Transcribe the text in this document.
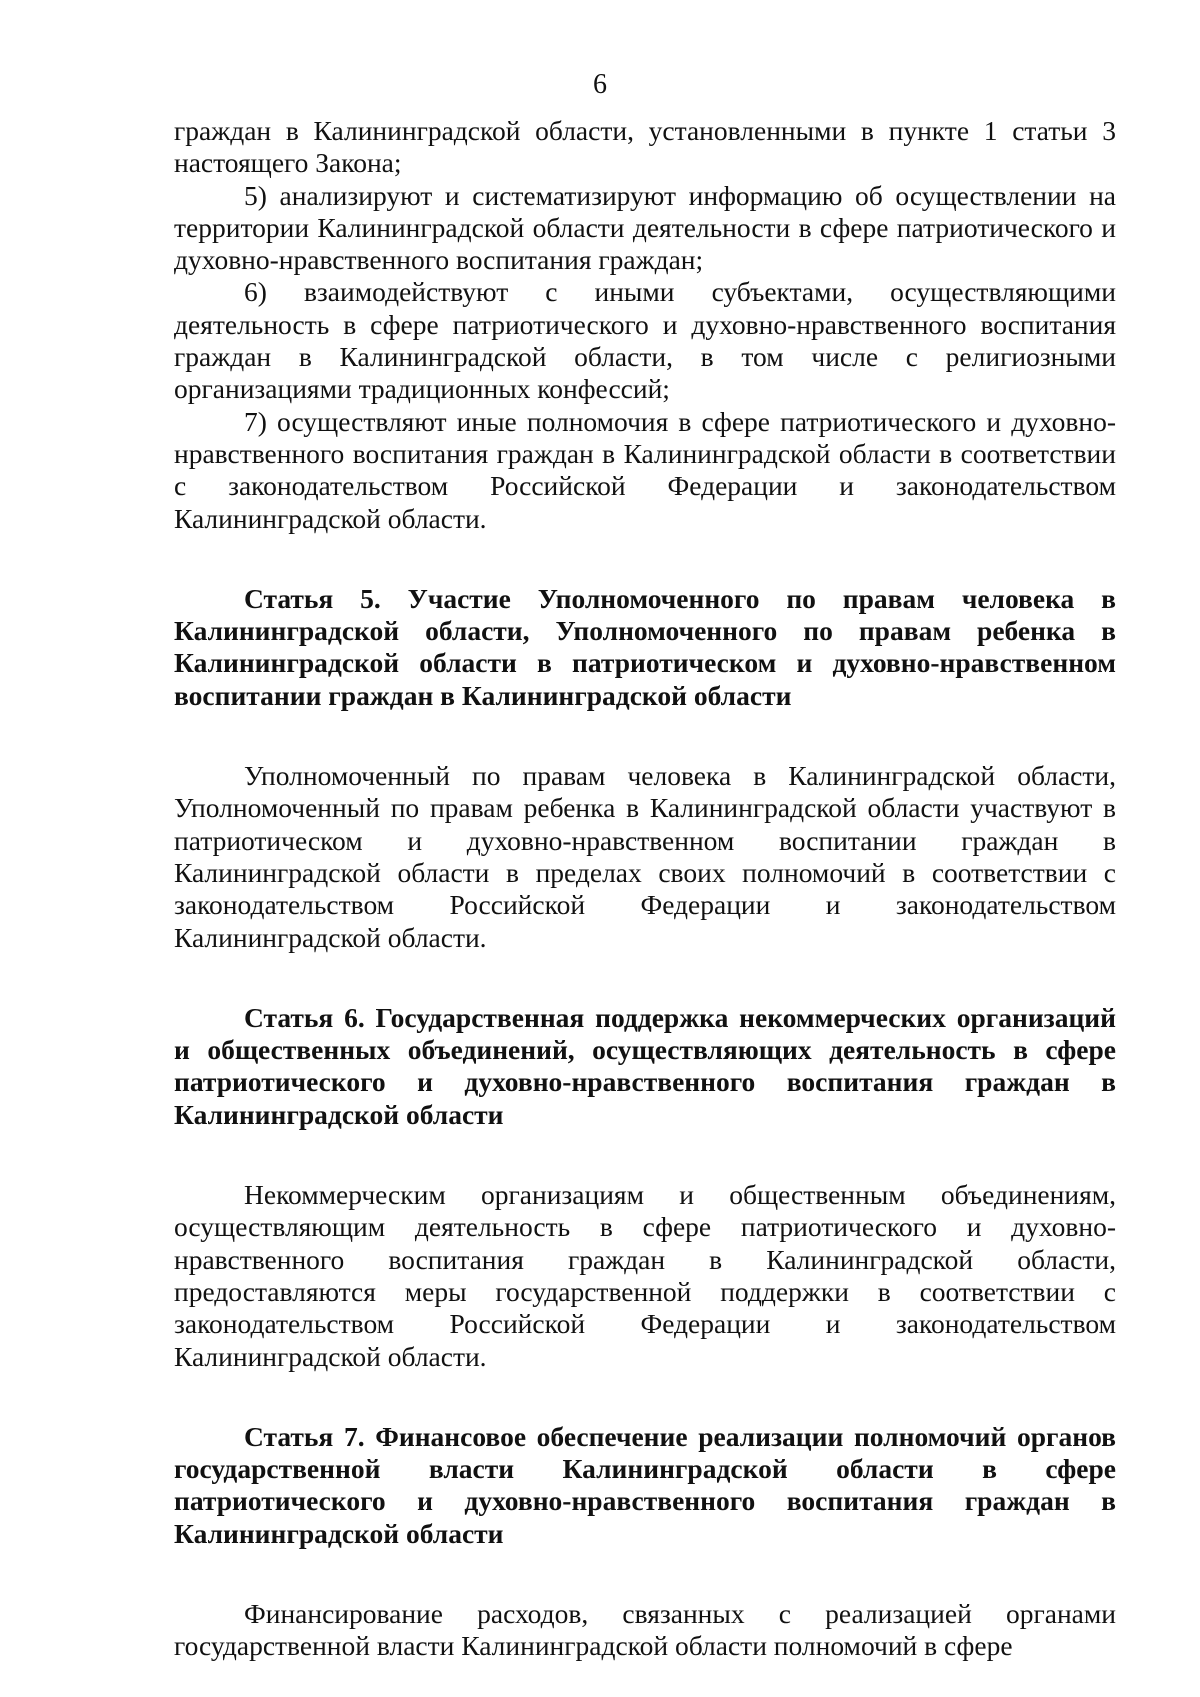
6

граждан в Калининградской области, установленными в пункте 1 статьи 3 настоящего Закона;

5) анализируют и систематизируют информацию об осуществлении на территории Калининградской области деятельности в сфере патриотического и духовно-нравственного воспитания граждан;

6) взаимодействуют с иными субъектами, осуществляющими деятельность в сфере патриотического и духовно-нравственного воспитания граждан в Калининградской области, в том числе с религиозными организациями традиционных конфессий;

7) осуществляют иные полномочия в сфере патриотического и духовно-нравственного воспитания граждан в Калининградской области в соответствии с законодательством Российской Федерации и законодательством Калининградской области.

Статья 5. Участие Уполномоченного по правам человека в Калининградской области, Уполномоченного по правам ребенка в Калининградской области в патриотическом и духовно-нравственном воспитании граждан в Калининградской области

Уполномоченный по правам человека в Калининградской области, Уполномоченный по правам ребенка в Калининградской области участвуют в патриотическом и духовно-нравственном воспитании граждан в Калининградской области в пределах своих полномочий в соответствии с законодательством Российской Федерации и законодательством Калининградской области.

Статья 6. Государственная поддержка некоммерческих организаций и общественных объединений, осуществляющих деятельность в сфере патриотического и духовно-нравственного воспитания граждан в Калининградской области

Некоммерческим организациям и общественным объединениям, осуществляющим деятельность в сфере патриотического и духовно-нравственного воспитания граждан в Калининградской области, предоставляются меры государственной поддержки в соответствии с законодательством Российской Федерации и законодательством Калининградской области.

Статья 7. Финансовое обеспечение реализации полномочий органов государственной власти Калининградской области в сфере патриотического и духовно-нравственного воспитания граждан в Калининградской области

Финансирование расходов, связанных с реализацией органами государственной власти Калининградской области полномочий в сфере
